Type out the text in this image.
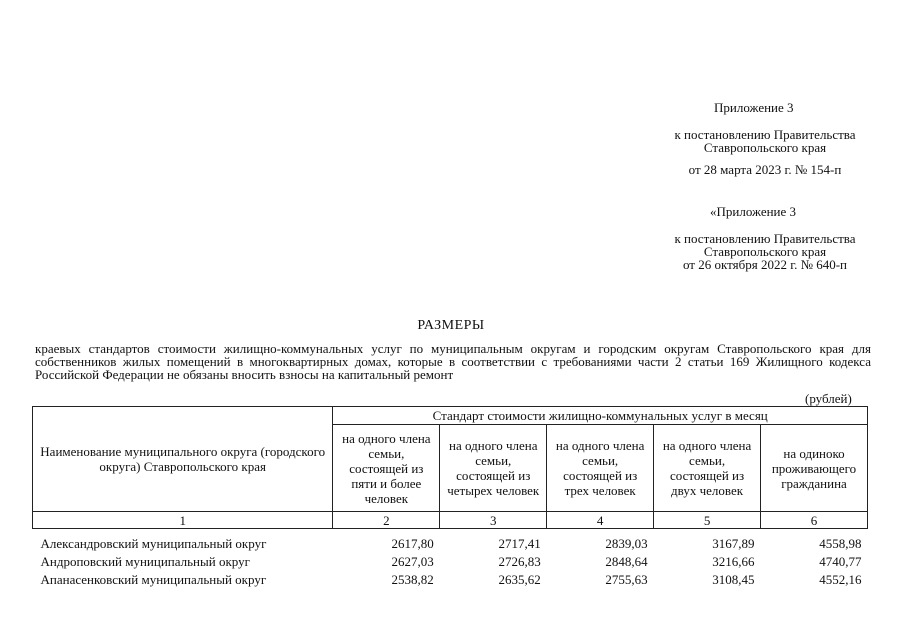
Приложение 3
к постановлению Правительства
Ставропольского края
от 28 марта 2023 г. № 154-п
«Приложение 3
к постановлению Правительства
Ставропольского края
от 26 октября 2022 г. № 640-п
РАЗМЕРЫ
краевых стандартов стоимости жилищно-коммунальных услуг по муниципальным округам и городским округам Ставропольского края для собственников жилых помещений в многоквартирных домах, которые в соответствии с требованиями части 2 статьи 169 Жилищного кодекса Российской Федерации не обязаны вносить взносы на капитальный ремонт
(рублей)
Наименование муниципального округа (городского округа) Ставропольского края	Стандарт стоимости жилищно-коммунальных услуг в месяц				
	на одного члена семьи, состоящей из пяти и более человек	на одного члена семьи, состоящей из четырех человек	на одного члена семьи, состоящей из трех человек	на одного члена семьи, состоящей из двух человек	на одиноко проживающего гражданина
1	2	3	4	5	6

Александровский муниципальный округ	2617,80	2717,41	2839,03	3167,89	4558,98
Андроповский муниципальный округ	2627,03	2726,83	2848,64	3216,66	4740,77
Апанасенковский муниципальный округ	2538,82	2635,62	2755,63	3108,45	4552,16
